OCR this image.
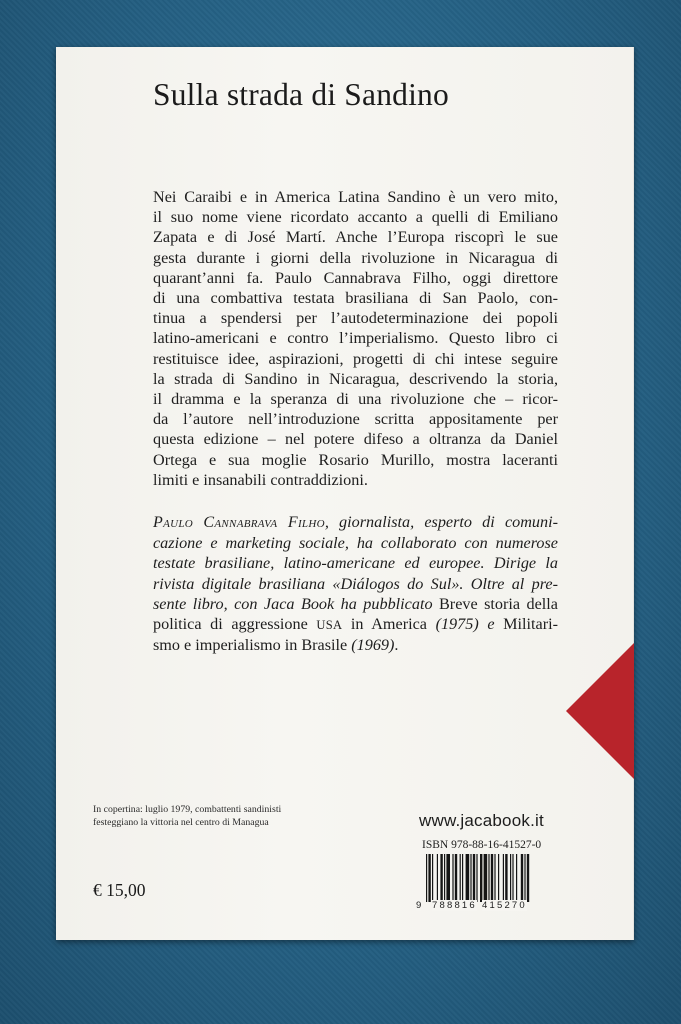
Sulla strada di Sandino
Nei Caraibi e in America Latina Sandino è un vero mito,
il suo nome viene ricordato accanto a quelli di Emiliano
Zapata e di José Martí. Anche l’Europa riscoprì le sue
gesta durante i giorni della rivoluzione in Nicaragua di
quarant’anni fa. Paulo Cannabrava Filho, oggi direttore
di una combattiva testata brasiliana di San Paolo, con-
tinua a spendersi per l’autodeterminazione dei popoli
latino-americani e contro l’imperialismo. Questo libro ci
restituisce idee, aspirazioni, progetti di chi intese seguire
la strada di Sandino in Nicaragua, descrivendo la storia,
il dramma e la speranza di una rivoluzione che – ricor-
da l’autore nell’introduzione scritta appositamente per
questa edizione – nel potere difeso a oltranza da Daniel
Ortega e sua moglie Rosario Murillo, mostra laceranti
limiti e insanabili contraddizioni.
Paulo Cannabrava Filho, giornalista, esperto di comuni-
cazione e marketing sociale, ha collaborato con numerose
testate brasiliane, latino-americane ed europee. Dirige la
rivista digitale brasiliana «Diálogos do Sul». Oltre al pre-
sente libro, con Jaca Book ha pubblicato Breve storia della
politica di aggressione USA in America (1975) e Militari-
smo e imperialismo in Brasile (1969).
In copertina: luglio 1979, combattenti sandinisti
festeggiano la vittoria nel centro di Managua
€ 15,00
www.jacabook.it
ISBN 978-88-16-41527-0
9 788816 415270
